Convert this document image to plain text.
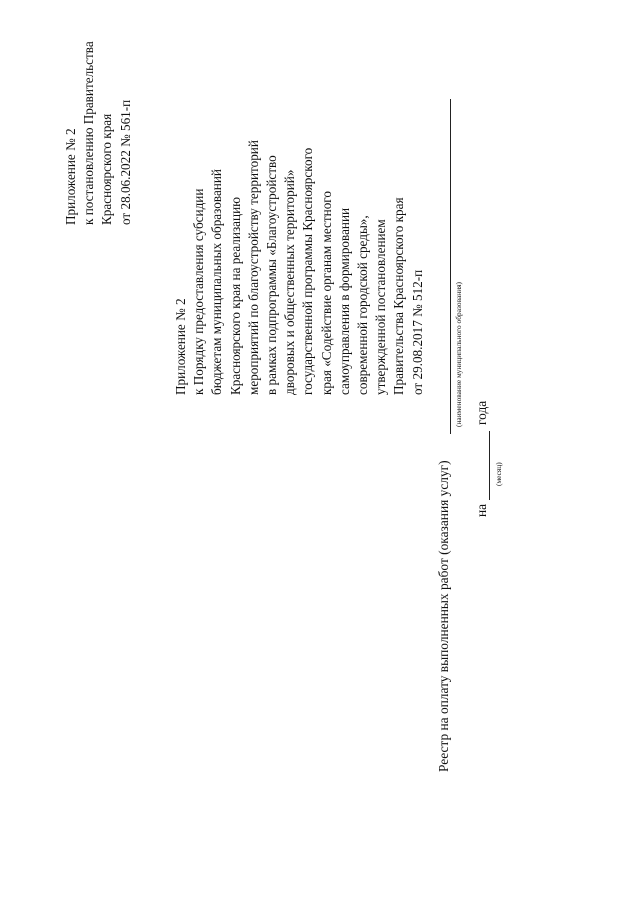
Приложение № 2 к постановлению Правительства Красноярского края от 28.06.2022 № 561-п
Приложение № 2 к Порядку предоставления субсидии бюджетам муниципальных образований Красноярского края на реализацию мероприятий по благоустройству территорий в рамках подпрограммы «Благоустройство дворовых и общественных территорий» государственной программы Красноярского края «Содействие органам местного самоуправления в формировании современной городской среды», утвержденной постановлением Правительства Красноярского края от 29.08.2017 № 512-п
Реестр на оплату выполненных работ (оказания услуг)
(наименование муниципального образования)
на
года
(месяц)
